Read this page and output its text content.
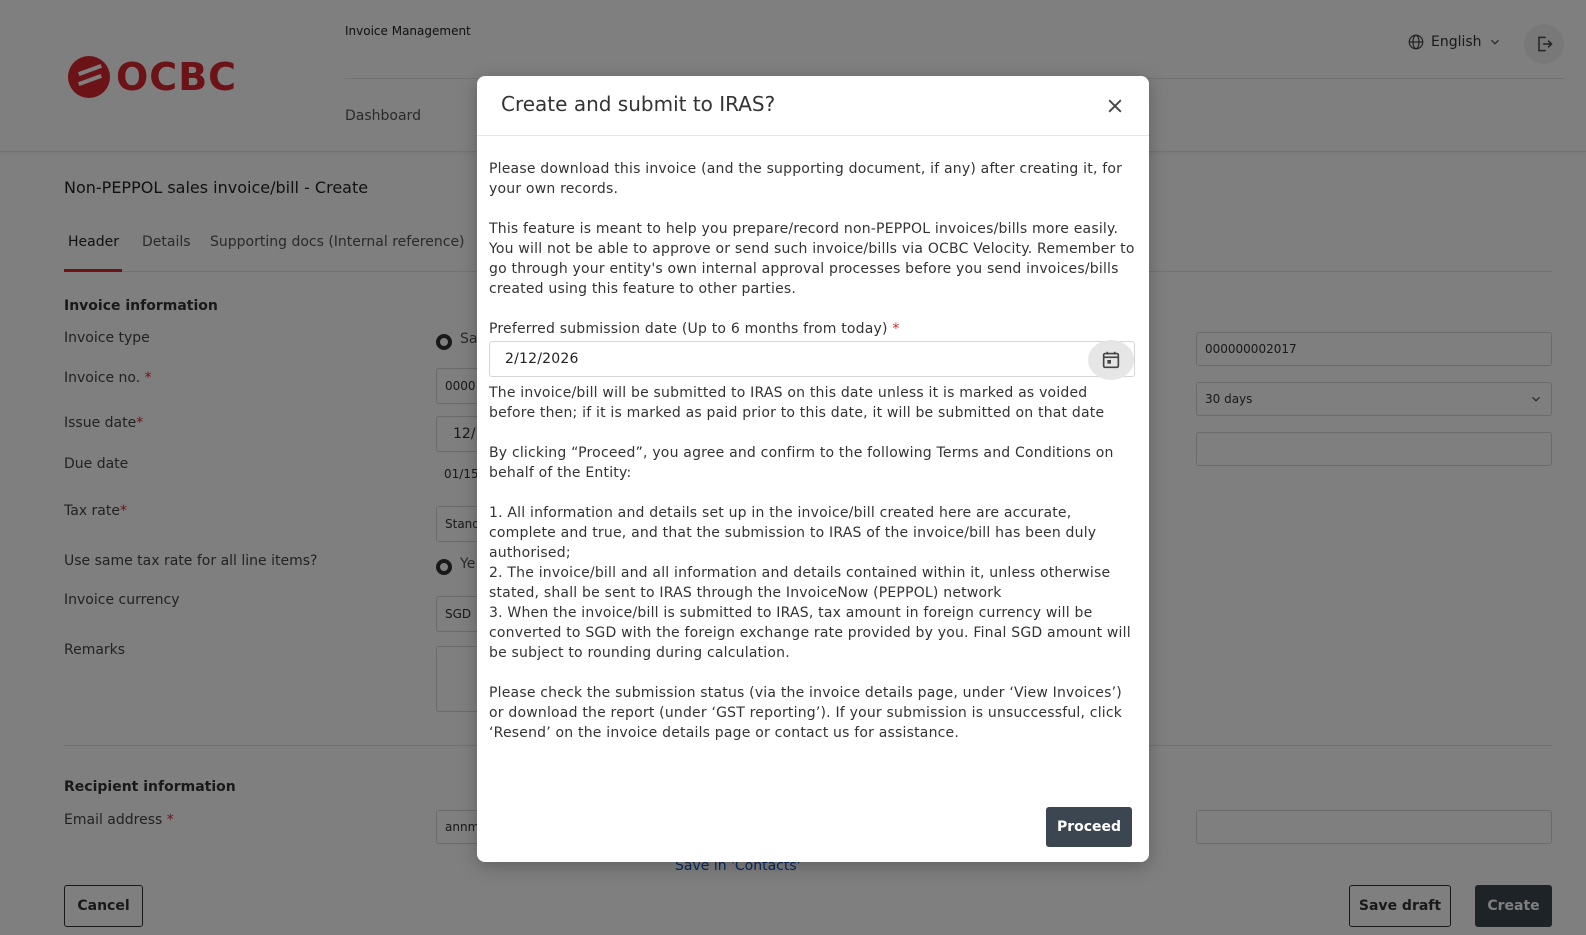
Create and submit to IRAS?

Please download this invoice (and the supporting document, if any) after creating it, for your own records.

This feature is meant to help you prepare/record non-PEPPOL invoices/bills more easily. You will not be able to approve or send such invoice/bills via OCBC Velocity. Remember to go through your entity's own internal approval processes before you send invoices/bills created using this feature to other parties.

Preferred submission date (Up to 6 months from today) *
2/12/2026

The invoice/bill will be submitted to IRAS on this date unless it is marked as voided before then; if it is marked as paid prior to this date, it will be submitted on that date

By clicking “Proceed”, you agree and confirm to the following Terms and Conditions on behalf of the Entity:

1. All information and details set up in the invoice/bill created here are accurate, complete and true, and that the submission to IRAS of the invoice/bill has been duly authorised;
2. The invoice/bill and all information and details contained within it, unless otherwise stated, shall be sent to IRAS through the InvoiceNow (PEPPOL) network

3. When the invoice/bill is submitted to IRAS, tax amount in foreign currency will be converted to SGD with the foreign exchange rate provided by you. Final SGD amount will be subject to rounding during calculation.

Please check the submission status (via the invoice details page, under ‘View Invoices’) or download the report (under ‘GST reporting’). If your submission is unsuccessful, click ‘Resend’ on the invoice details page or contact us for assistance.

Proceed
